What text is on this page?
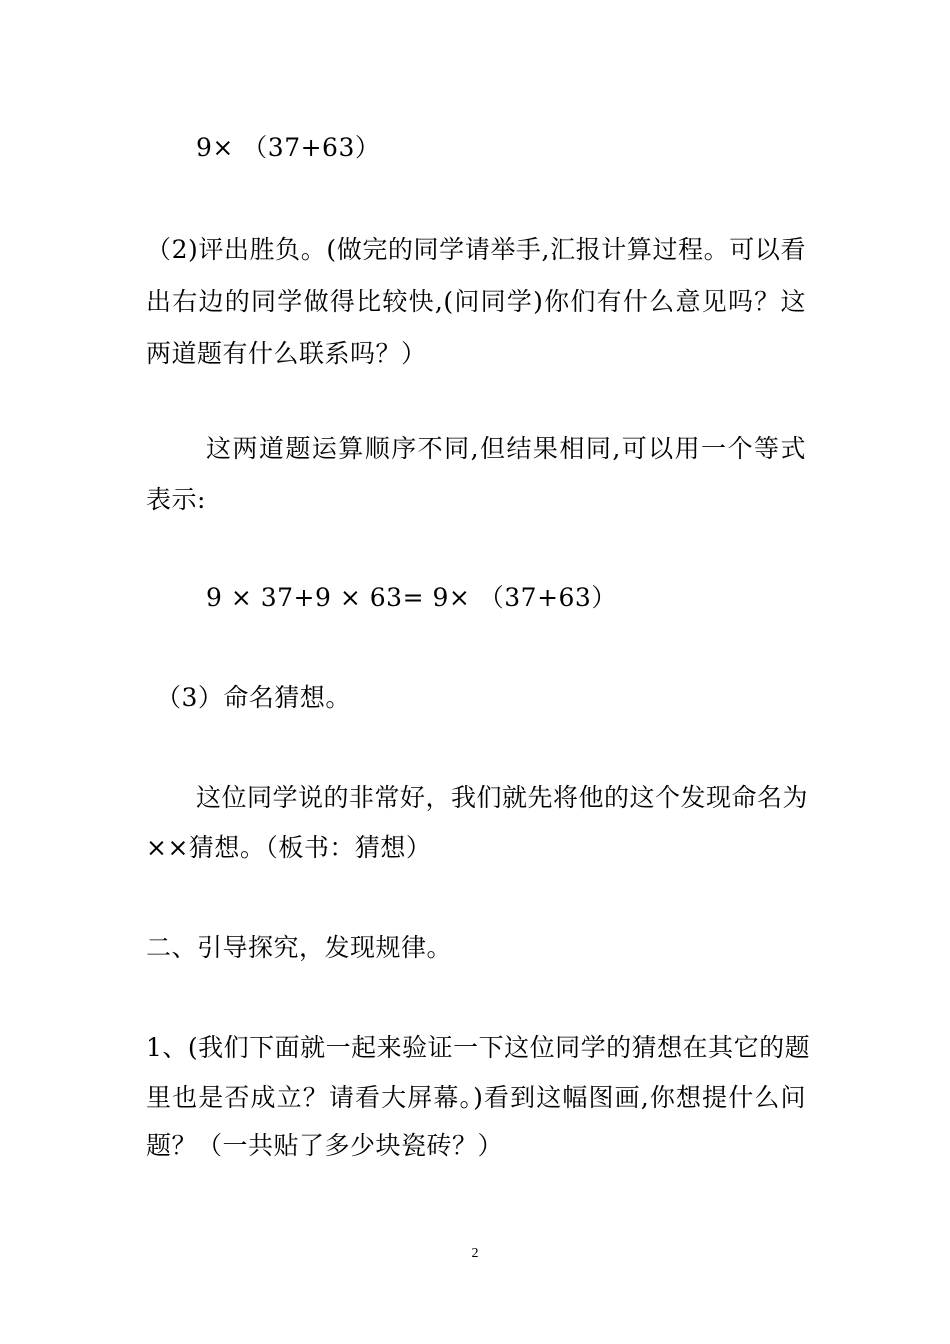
9× （37+63）
（2)评出胜负。(做完的同学请举手,汇报计算过程。可以看
出右边的同学做得比较快,(问同学)你们有什么意见吗？这
两道题有什么联系吗？）
这两道题运算顺序不同,但结果相同,可以用一个等式
表示:
9 × 37+9 × 63= 9× （37+63）
（3）命名猜想。
这位同学说的非常好，我们就先将他的这个发现命名为
××猜想。（板书：猜想）
二、引导探究，发现规律。
1、(我们下面就一起来验证一下这位同学的猜想在其它的题
里也是否成立？请看大屏幕。)看到这幅图画,你想提什么问
题？（一共贴了多少块瓷砖？）
2
